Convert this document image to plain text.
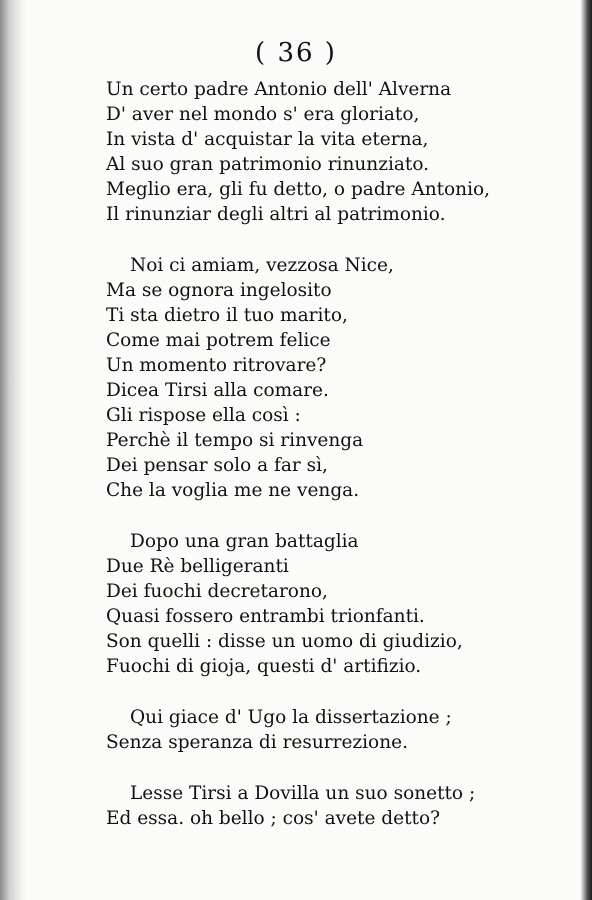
( 36 )
Un certo padre Antonio dell' Alverna
D' aver nel mondo s' era gloriato,
In vista d' acquistar la vita eterna,
Al suo gran patrimonio rinunziato.
Meglio era, gli fu detto, o padre Antonio,
Il rinunziar degli altri al patrimonio.
Noi ci amiam, vezzosa Nice,
Ma se ognora ingelosito
Ti sta dietro il tuo marito,
Come mai potrem felice
Un momento ritrovare?
Dicea Tirsi alla comare.
Gli rispose ella così :
Perchè il tempo si rinvenga
Dei pensar solo a far sì,
Che la voglia me ne venga.
Dopo una gran battaglia
Due Rè belligeranti
Dei fuochi decretarono,
Quasi fossero entrambi trionfanti.
Son quelli : disse un uomo di giudizio,
Fuochi di gioja, questi d' artifizio.
Qui giace d' Ugo la dissertazione ;
Senza speranza di resurrezione.
Lesse Tirsi a Dovilla un suo sonetto ;
Ed essa. oh bello ; cos' avete detto?
